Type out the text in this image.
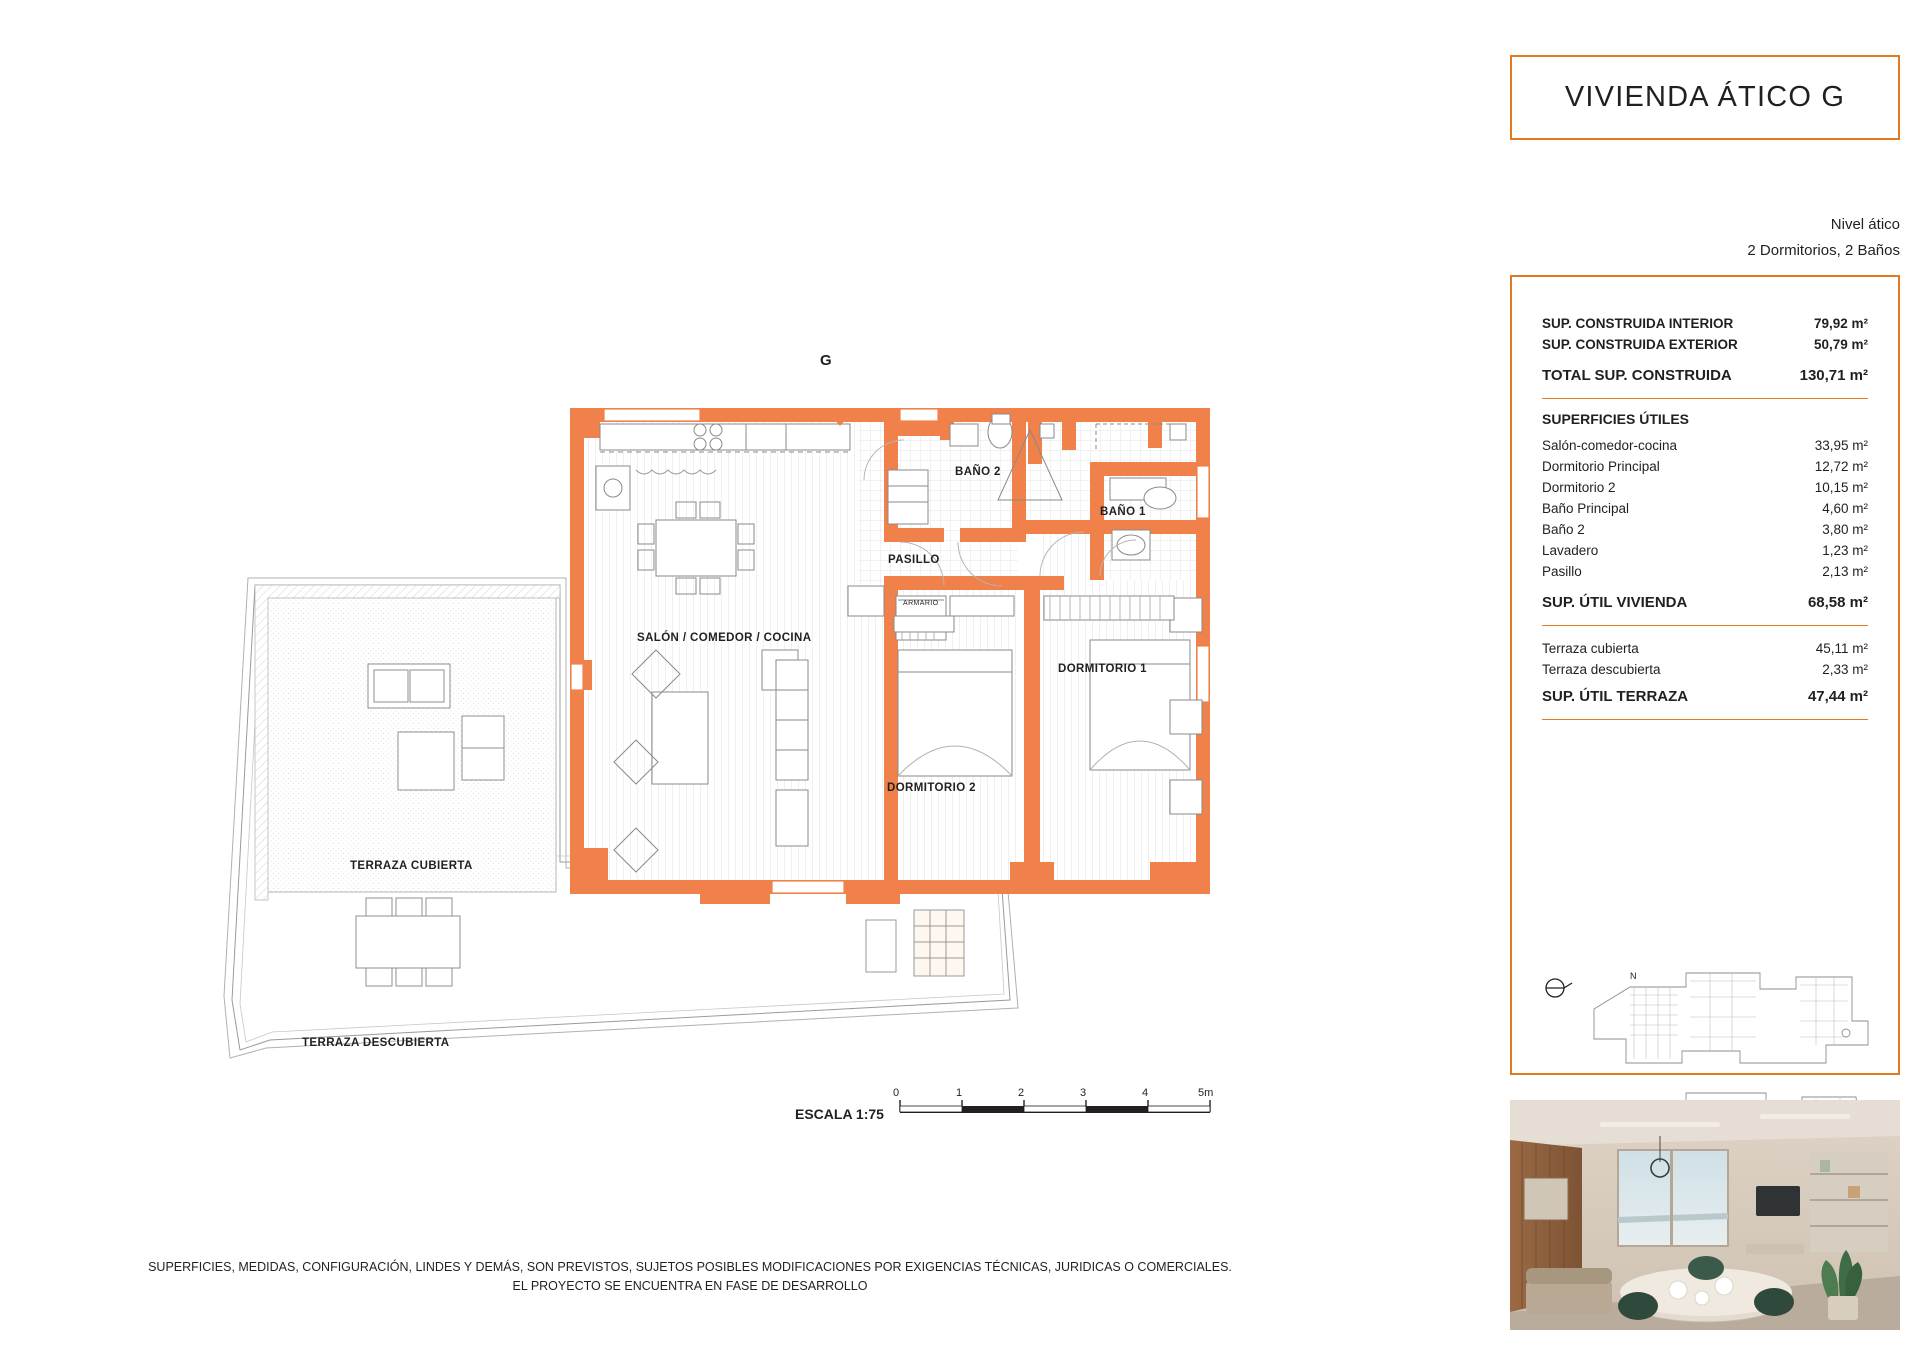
G
SALÓN / COMEDOR / COCINA
BAÑO 2
BAÑO 1
PASILLO
DORMITORIO 1
DORMITORIO 2
TERRAZA CUBIERTA
TERRAZA DESCUBIERTA
ARMARIO
ESCALA 1:75
0	1	2	3	4	5m
SUPERFICIES, MEDIDAS, CONFIGURACIÓN, LINDES Y DEMÁS, SON PREVISTOS, SUJETOS POSIBLES MODIFICACIONES POR EXIGENCIAS TÉCNICAS, JURIDICAS O COMERCIALES.
EL PROYECTO SE ENCUENTRA EN FASE DE DESARROLLO
VIVIENDA ÁTICO G
Nivel ático
2 Dormitorios, 2 Baños
SUP. CONSTRUIDA INTERIOR	79,92 m²
SUP. CONSTRUIDA EXTERIOR	50,79 m²
TOTAL SUP. CONSTRUIDA	130,71 m²
SUPERFICIES ÚTILES
Salón-comedor-cocina	33,95 m²
Dormitorio Principal	12,72 m²
Dormitorio 2	10,15 m²
Baño Principal	4,60 m²
Baño 2	3,80 m²
Lavadero	1,23 m²
Pasillo	2,13 m²
SUP. ÚTIL VIVIENDA	68,58 m²
Terraza cubierta	45,11 m²
Terraza descubierta	2,33 m²
SUP. ÚTIL TERRAZA	47,44 m²
N
